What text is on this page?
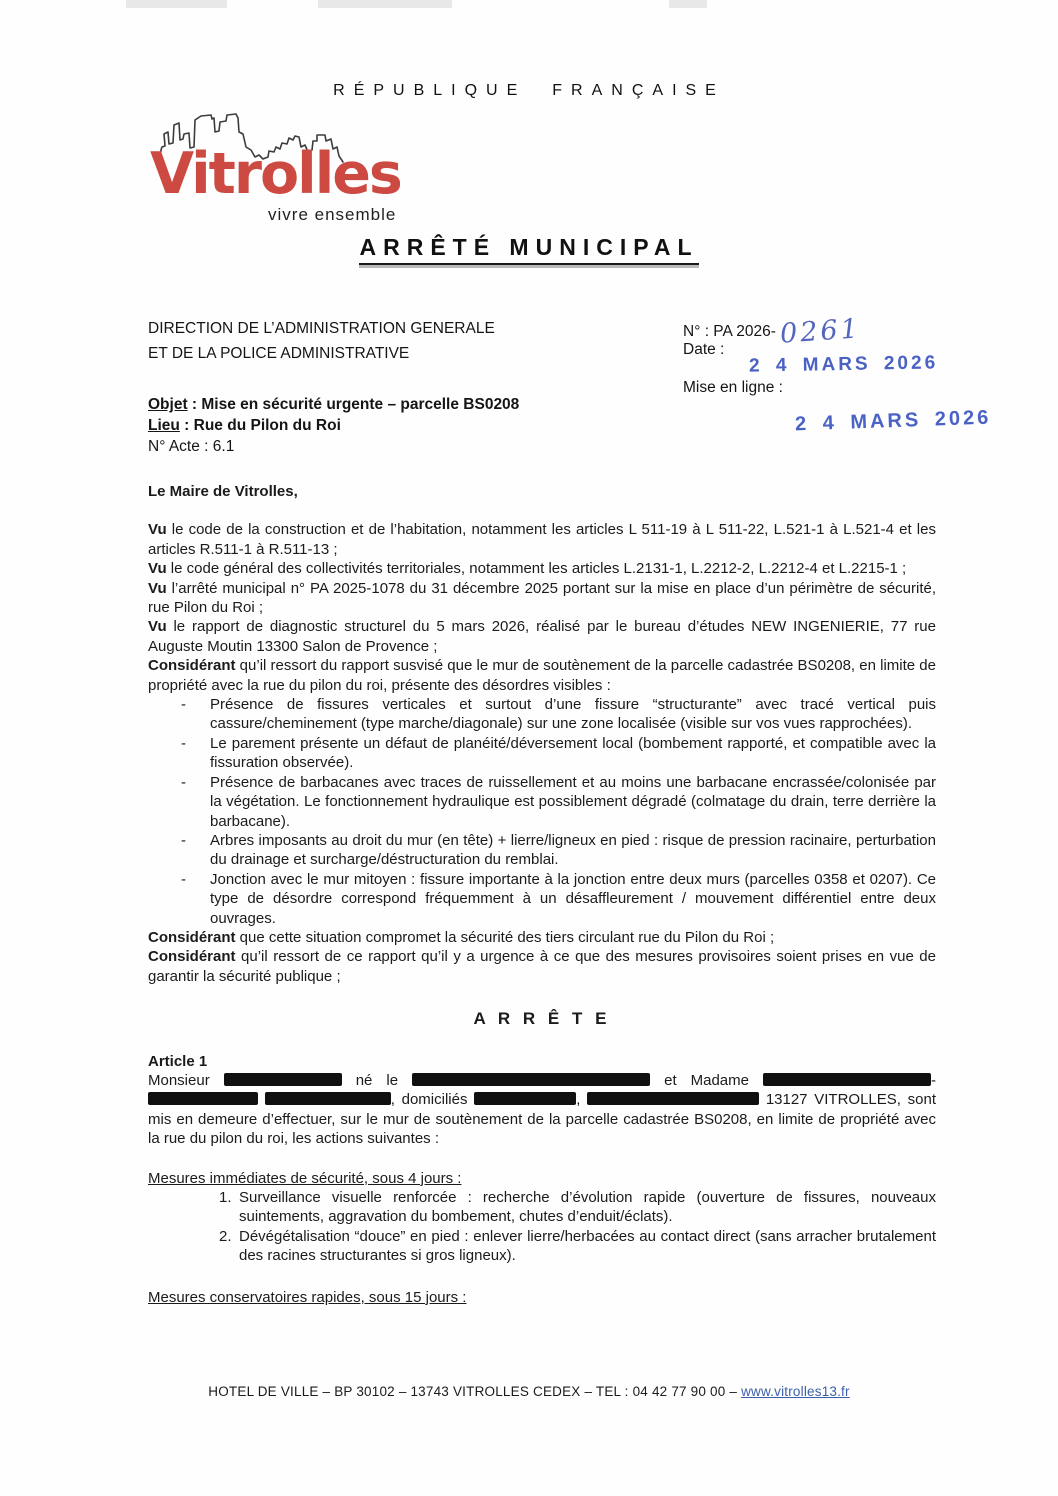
RÉPUBLIQUE FRANÇAISE
Vitrolles
vivre ensemble
ARRÊTÉ MUNICIPAL
DIRECTION DE L’ADMINISTRATION GENERALE
ET DE LA POLICE ADMINISTRATIVE
N° : PA 2026- 0261
Date :
2 4 MARS 2026
Mise en ligne :
2 4 MARS 2026
Objet : Mise en sécurité urgente – parcelle BS0208
Lieu : Rue du Pilon du Roi
N° Acte : 6.1

Le Maire de Vitrolles,

Vu le code de la construction et de l’habitation, notamment les articles L 511-19 à L 511-22, L.521-1 à L.521-4 et les articles R.511-1 à R.511-13 ;

Vu le code général des collectivités territoriales, notamment les articles L.2131-1, L.2212-2, L.2212-4 et L.2215-1 ;

Vu l’arrêté municipal n° PA 2025-1078 du 31 décembre 2025 portant sur la mise en place d’un périmètre de sécurité, rue Pilon du Roi ;

Vu le rapport de diagnostic structurel du 5 mars 2026, réalisé par le bureau d’études NEW INGENIERIE, 77 rue Auguste Moutin 13300 Salon de Provence ;

Considérant qu’il ressort du rapport susvisé que le mur de soutènement de la parcelle cadastrée BS0208, en limite de propriété avec la rue du pilon du roi, présente des désordres visibles :

- Présence de fissures verticales et surtout d’une fissure “structurante” avec tracé vertical puis cassure/cheminement (type marche/diagonale) sur une zone localisée (visible sur vos vues rapprochées).
- Le parement présente un défaut de planéité/déversement local (bombement rapporté, et compatible avec la fissuration observée).
- Présence de barbacanes avec traces de ruissellement et au moins une barbacane encrassée/colonisée par la végétation. Le fonctionnement hydraulique est possiblement dégradé (colmatage du drain, terre derrière la barbacane).
- Arbres imposants au droit du mur (en tête) + lierre/ligneux en pied : risque de pression racinaire, perturbation du drainage et surcharge/déstructuration du remblai.
- Jonction avec le mur mitoyen : fissure importante à la jonction entre deux murs (parcelles 0358 et 0207). Ce type de désordre correspond fréquemment à un désaffleurement / mouvement différentiel entre deux ouvrages.

Considérant que cette situation compromet la sécurité des tiers circulant rue du Pilon du Roi ;

Considérant qu’il ressort de ce rapport qu’il y a urgence à ce que des mesures provisoires soient prises en vue de garantir la sécurité publique ;

A R R Ê T E

Article 1

Monsieur	né le	et Madame	- , domiciliés	,	13127 VITROLLES, sont mis en demeure d’effectuer, sur le mur de soutènement de la parcelle cadastrée BS0208, en limite de propriété avec la rue du pilon du roi, les actions suivantes :

Mesures immédiates de sécurité, sous 4 jours :

Surveillance visuelle renforcée : recherche d’évolution rapide (ouverture de fissures, nouveaux suintements, aggravation du bombement, chutes d’enduit/éclats).
Dévégétalisation “douce” en pied : enlever lierre/herbacées au contact direct (sans arracher brutalement des racines structurantes si gros ligneux).

Mesures conservatoires rapides, sous 15 jours :

HOTEL DE VILLE – BP 30102 – 13743 VITROLLES CEDEX – TEL : 04 42 77 90 00 – www.vitrolles13.fr
